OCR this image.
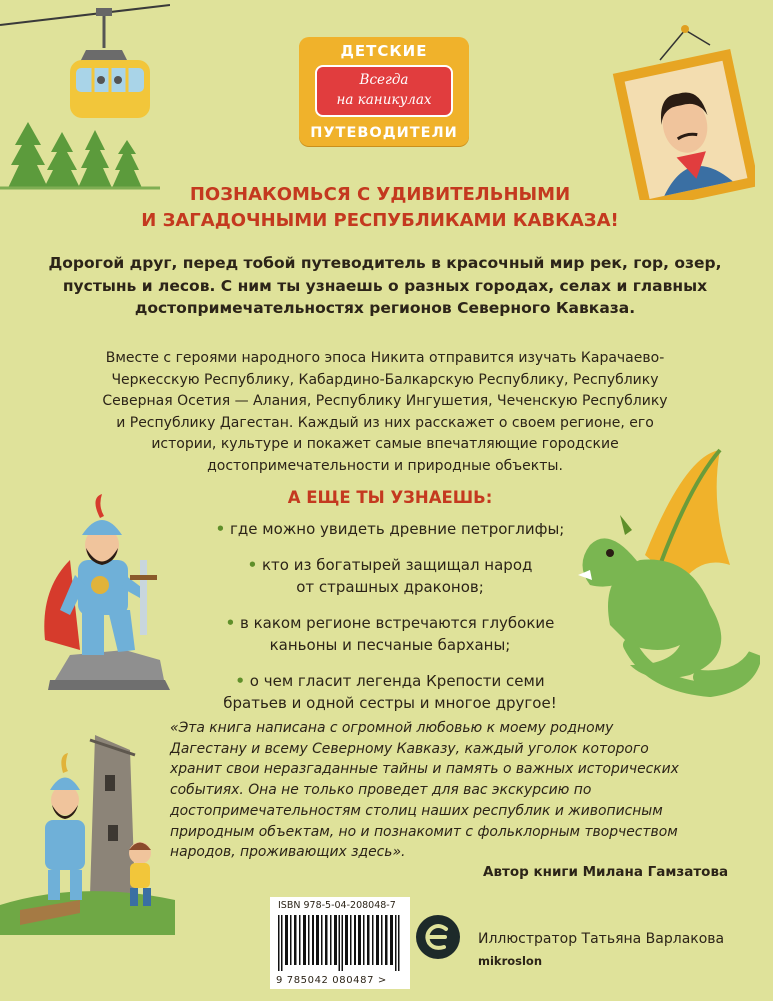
ДЕТСКИЕ
Всегда
на каникулах
ПУТЕВОДИТЕЛИ
ПОЗНАКОМЬСЯ С УДИВИТЕЛЬНЫМИ
И ЗАГАДОЧНЫМИ РЕСПУБЛИКАМИ КАВКАЗА!
Дорогой друг, перед тобой путеводитель в красочный мир рек, гор, озер,
пустынь и лесов. С ним ты узнаешь о разных городах, селах и главных
достопримечательностях регионов Северного Кавказа.
Вместе с героями народного эпоса Никита отправится изучать Карачаево-
Черкесскую Республику, Кабардино-Балкарскую Республику, Республику
Северная Осетия — Алания, Республику Ингушетия, Чеченскую Республику
и Республику Дагестан. Каждый из них расскажет о своем регионе, его
истории, культуре и покажет самые впечатляющие городские
достопримечательности и природные объекты.
А ЕЩЕ ТЫ УЗНАЕШЬ:
• где можно увидеть древние петроглифы;
• кто из богатырей защищал народ
от страшных драконов;
• в каком регионе встречаются глубокие
каньоны и песчаные барханы;
• о чем гласит легенда Крепости семи
братьев и одной сестры и многое другое!
«Эта книга написана с огромной любовью к моему родному
Дагестану и всему Северному Кавказу, каждый уголок которого
хранит свои неразгаданные тайны и память о важных исторических
событиях. Она не только проведет для вас экскурсию по
достопримечательностям столиц наших республик и живописным
природным объектам, но и познакомит с фольклорным творчеством
народов, проживающих здесь».
Автор книги Милана Гамзатова
ISBN 978-5-04-208048-7
9 785042 080487 >
Иллюстратор Татьяна Варлакова
mikroslon
